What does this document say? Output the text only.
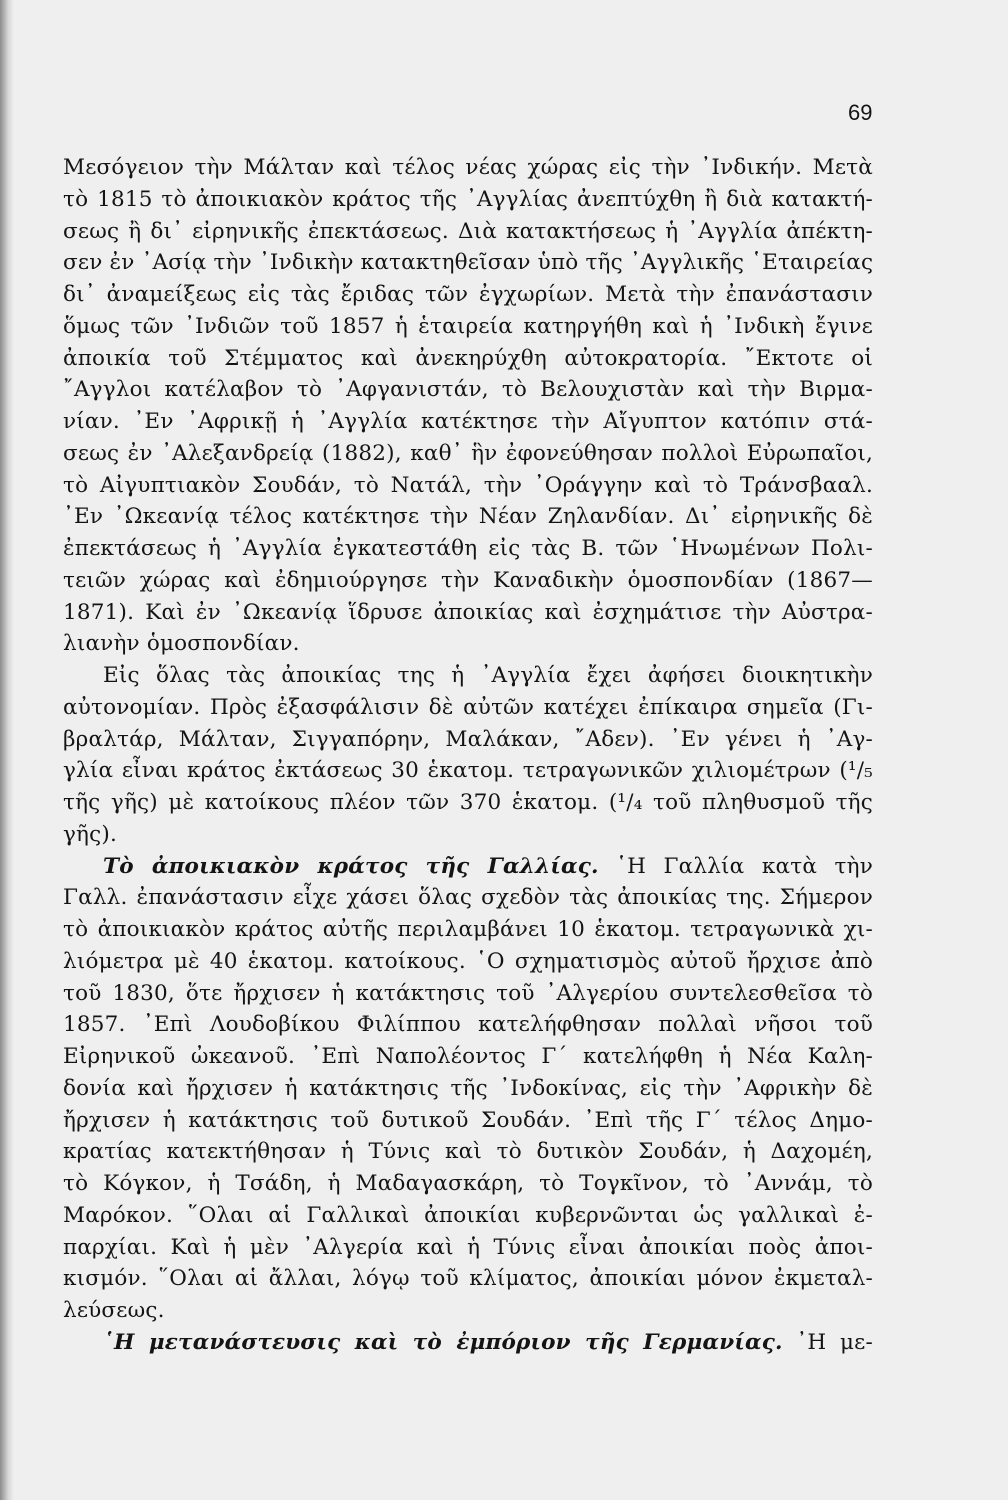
69
Μεσόγειον τὴν Μάλταν καὶ τέλος νέας χώρας εἰς τὴν ᾽Ινδικήν. Μετὰ
τὸ 1815 τὸ ἀποικιακὸν κράτος τῆς ᾽Αγγλίας ἀνεπτύχθη ἢ διὰ κατακτή-
σεως ἢ δι᾽ εἰρηνικῆς ἐπεκτάσεως. Διὰ κατακτήσεως ἡ ᾽Αγγλία ἀπέκτη-
σεν ἐν ᾽Ασίᾳ τὴν ᾽Ινδικὴν κατακτηθεῖσαν ὑπὸ τῆς ᾽Αγγλικῆς ῾Εταιρείας
δι᾽ ἀναμείξεως εἰς τὰς ἔριδας τῶν ἐγχωρίων. Μετὰ τὴν ἐπανάστασιν
ὅμως τῶν ᾽Ινδιῶν τοῦ 1857 ἡ ἑταιρεία κατηργήθη καὶ ἡ ᾽Ινδικὴ ἔγινε
ἀποικία τοῦ Στέμματος καὶ ἀνεκηρύχθη αὐτοκρατορία. ῎Εκτοτε οἱ
῎Αγγλοι κατέλαβον τὸ ᾽Αφγανιστάν, τὸ Βελουχιστὰν καὶ τὴν Βιρμα-
νίαν. ᾽Εν ᾽Αφρικῇ ἡ ᾽Αγγλία κατέκτησε τὴν Αἴγυπτον κατόπιν στά-
σεως ἐν ᾽Αλεξανδρείᾳ (1882), καθ᾽ ἣν ἐφονεύθησαν πολλοὶ Εὐρωπαῖοι,
τὸ Αἰγυπτιακὸν Σουδάν, τὸ Νατάλ, τὴν ᾽Οράγγην καὶ τὸ Τράνσβααλ.
᾽Εν ᾽Ωκεανίᾳ τέλος κατέκτησε τὴν Νέαν Ζηλανδίαν. Δι᾽ εἰρηνικῆς δὲ
ἐπεκτάσεως ἡ ᾽Αγγλία ἐγκατεστάθη εἰς τὰς Β. τῶν ῾Ηνωμένων Πολι-
τειῶν χώρας καὶ ἐδημιούργησε τὴν Καναδικὴν ὁμοσπονδίαν (1867—
1871). Καὶ ἐν ᾽Ωκεανίᾳ ἵδρυσε ἀποικίας καὶ ἐσχημάτισε τὴν Αὐστρα-
λιανὴν ὁμοσπονδίαν.
Εἰς ὅλας τὰς ἀποικίας της ἡ ᾽Αγγλία ἔχει ἀφήσει διοικητικὴν
αὐτονομίαν. Πρὸς ἐξασφάλισιν δὲ αὐτῶν κατέχει ἐπίκαιρα σημεῖα (Γι-
βραλτάρ, Μάλταν, Σιγγαπόρην, Μαλάκαν, ῎Αδεν). ᾽Εν γένει ἡ ᾽Αγ-
γλία εἶναι κράτος ἐκτάσεως 30 ἑκατομ. τετραγωνικῶν χιλιομέτρων (¹/₅
τῆς γῆς) μὲ κατοίκους πλέον τῶν 370 ἑκατομ. (¹/₄ τοῦ πληθυσμοῦ τῆς
γῆς).
Τὸ ἀποικιακὸν κράτος τῆς Γαλλίας. ῾Η Γαλλία κατὰ τὴν
Γαλλ. ἐπανάστασιν εἶχε χάσει ὅλας σχεδὸν τὰς ἀποικίας της. Σήμερον
τὸ ἀποικιακὸν κράτος αὐτῆς περιλαμβάνει 10 ἑκατομ. τετραγωνικὰ χι-
λιόμετρα μὲ 40 ἑκατομ. κατοίκους. ῾Ο σχηματισμὸς αὐτοῦ ἤρχισε ἀπὸ
τοῦ 1830, ὅτε ἤρχισεν ἡ κατάκτησις τοῦ ᾽Αλγερίου συντελεσθεῖσα τὸ
1857. ᾽Επὶ Λουδοβίκου Φιλίππου κατελήφθησαν πολλαὶ νῆσοι τοῦ
Εἰρηνικοῦ ὠκεανοῦ. ᾽Επὶ Ναπολέοντος Γ΄ κατελήφθη ἡ Νέα Καλη-
δονία καὶ ἤρχισεν ἡ κατάκτησις τῆς ᾽Ινδοκίνας, εἰς τὴν ᾽Αφρικὴν δὲ
ἤρχισεν ἡ κατάκτησις τοῦ δυτικοῦ Σουδάν. ᾽Επὶ τῆς Γ΄ τέλος Δημο-
κρατίας κατεκτήθησαν ἡ Τύνις καὶ τὸ δυτικὸν Σουδάν, ἡ Δαχομέη,
τὸ Κόγκον, ἡ Τσάδη, ἡ Μαδαγασκάρη, τὸ Τογκῖνον, τὸ ᾽Αννάμ, τὸ
Μαρόκον. ῞Ολαι αἱ Γαλλικαὶ ἀποικίαι κυβερνῶνται ὡς γαλλικαὶ ἐ-
παρχίαι. Καὶ ἡ μὲν ᾽Αλγερία καὶ ἡ Τύνις εἶναι ἀποικίαι ποὸς ἀποι-
κισμόν. ῞Ολαι αἱ ἄλλαι, λόγῳ τοῦ κλίματος, ἀποικίαι μόνον ἐκμεταλ-
λεύσεως.
῾Η μετανάστευσις καὶ τὸ ἐμπόριον τῆς Γερμανίας. ᾽Η με-
